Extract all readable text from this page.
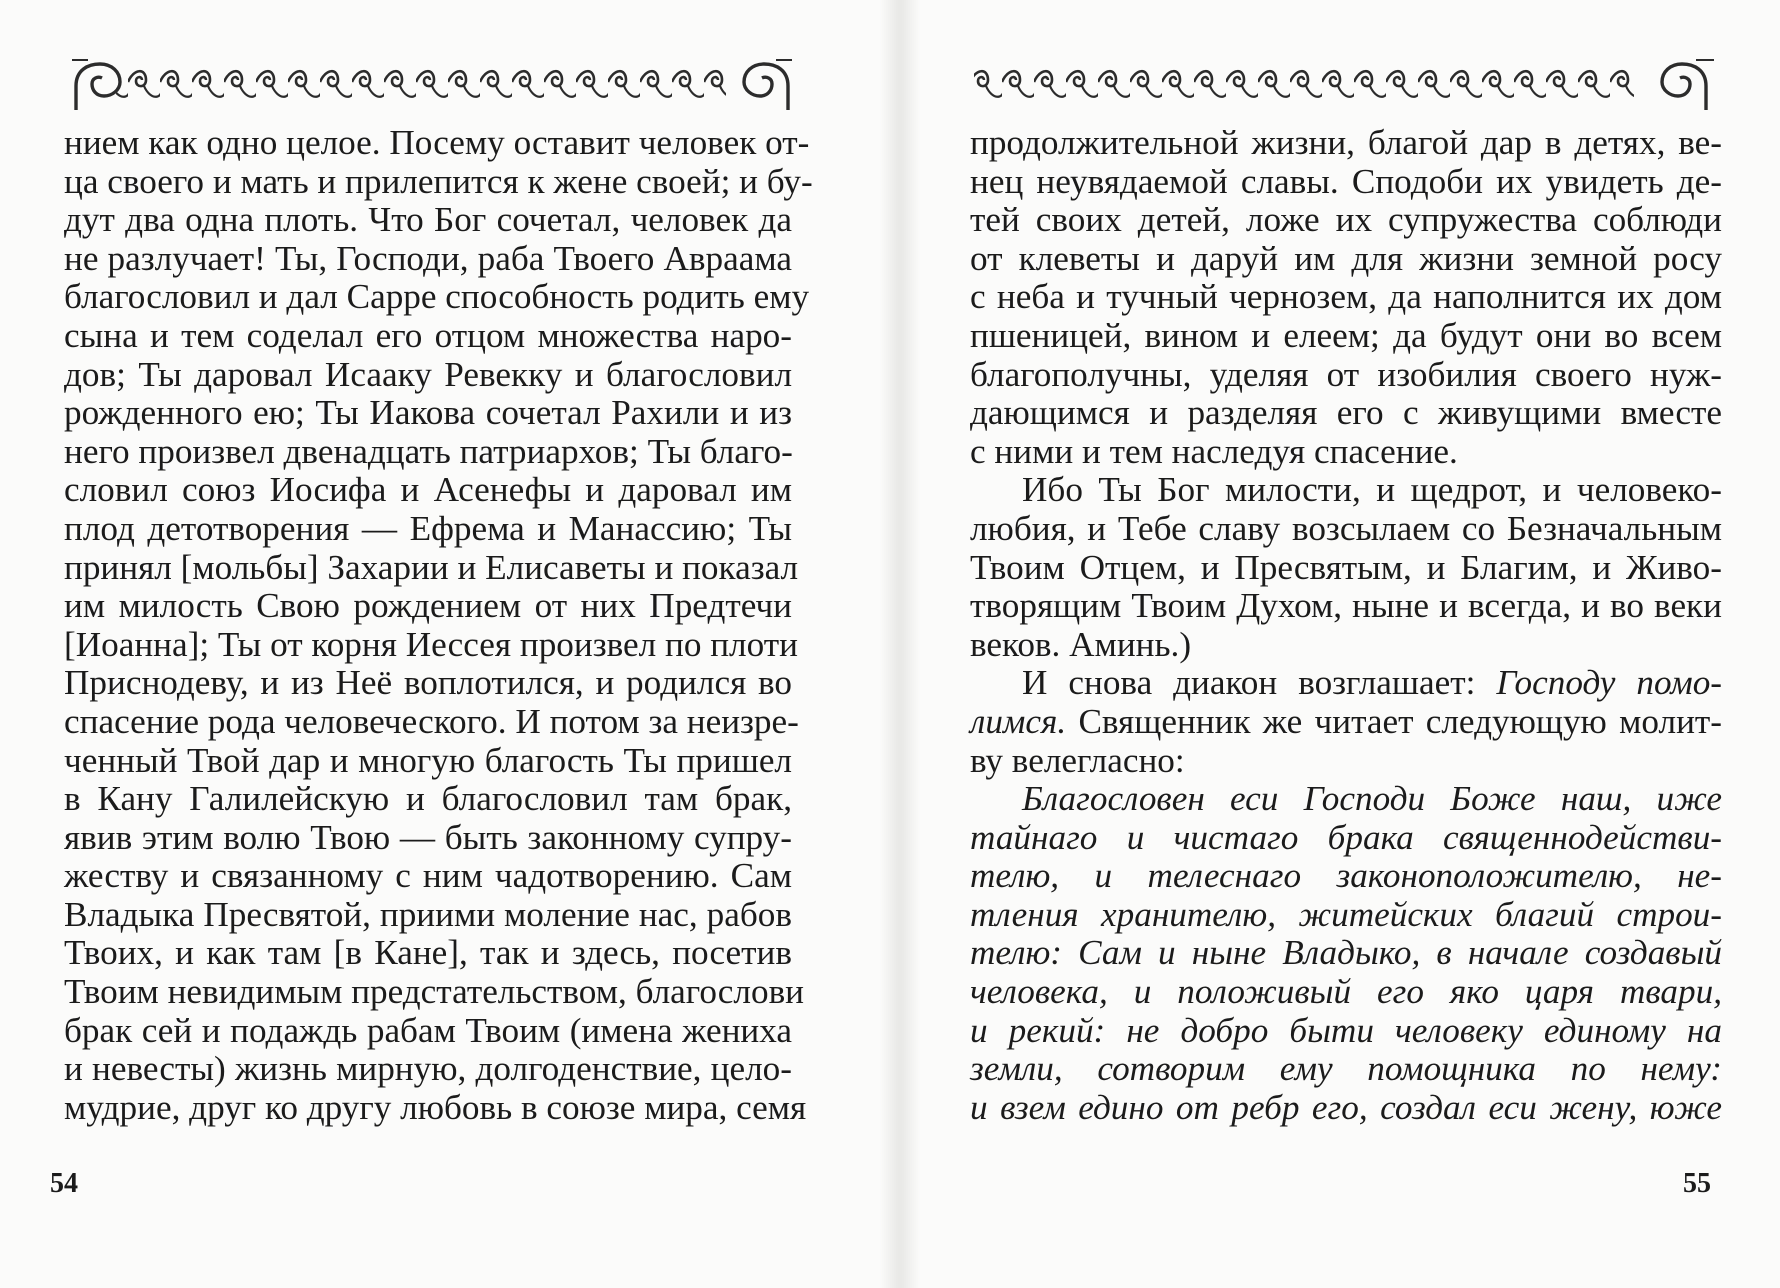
нием как одно целое. Посему оставит человек от-
ца своего и мать и прилепится к жене своей; и бу-
дут два одна плоть. Что Бог сочетал, человек да
не разлучает! Ты, Господи, раба Твоего Авраама
благословил и дал Сарре способность родить ему
сына и тем соделал его отцом множества наро-
дов; Ты даровал Исааку Ревекку и благословил
рожденного ею; Ты Иакова сочетал Рахили и из
него произвел двенадцать патриархов; Ты благо-
словил союз Иосифа и Асенефы и даровал им
плод детотворения — Ефрема и Манассию; Ты
принял [мольбы] Захарии и Елисаветы и показал
им милость Свою рождением от них Предтечи
[Иоанна]; Ты от корня Иессея произвел по плоти
Приснодеву, и из Неё воплотился, и родился во
спасение рода человеческого. И потом за неизре-
ченный Твой дар и многую благость Ты пришел
в Кану Галилейскую и благословил там брак,
явив этим волю Твою — быть законному супру-
жеству и связанному с ним чадотворению. Сам
Владыка Пресвятой, приими моление нас, рабов
Твоих, и как там [в Кане], так и здесь, посетив
Твоим невидимым предстательством, благослови
брак сей и подаждь рабам Твоим (имена жениха
и невесты) жизнь мирную, долгоденствие, цело-
мудрие, друг ко другу любовь в союзе мира, семя
54
продолжительной жизни, благой дар в детях, ве-
нец неувядаемой славы. Сподоби их увидеть де-
тей своих детей, ложе их супружества соблюди
от клеветы и даруй им для жизни земной росу
с неба и тучный чернозем, да наполнится их дом
пшеницей, вином и елеем; да будут они во всем
благополучны, уделяя от изобилия своего нуж-
дающимся и разделяя его с живущими вместе
с ними и тем наследуя спасение.
Ибо Ты Бог милости, и щедрот, и человеко-
любия, и Тебе славу возсылаем со Безначальным
Твоим Отцем, и Пресвятым, и Благим, и Живо-
творящим Твоим Духом, ныне и всегда, и во веки
веков. Аминь.)
И снова диакон возглашает: Господу помо-
лимся. Священник же читает следующую молит-
ву велегласно:
Благословен еси Господи Боже наш, иже
тайнаго и чистаго брака священнодействи-
телю, и телеснаго законоположителю, не-
тления хранителю, житейских благий строи-
телю: Сам и ныне Владыко, в начале создавый
человека, и положивый его яко царя твари,
и рекий: не добро быти человеку единому на
земли, сотворим ему помощника по нему:
и взем едино от ребр его, создал еси жену, юже
55
